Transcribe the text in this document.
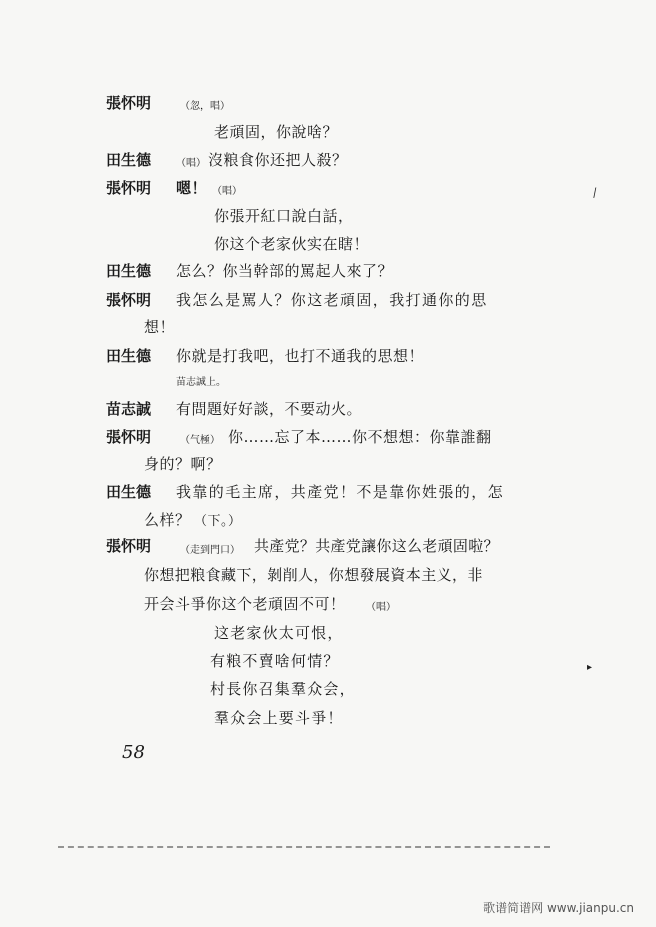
張怀明	（忽，唱）
老頑固，你說啥？
田生德 （唱） 沒粮食你还把人殺？
張怀明 嗯！ （唱）
你張开紅口說白話，
你这个老家伙实在瞎！
田生德 怎么？你当幹部的罵起人來了？
張怀明 我怎么是罵人？你这老頑固，我打通你的思
想！
田生德 你就是打我吧，也打不通我的思想！
苗志誠上。
苗志誠 有問題好好談，不要动火。
張怀明	（气極） 你……忘了本……你不想想：你靠誰翻
身的？啊？
田生德 我靠的毛主席，共產党！不是靠你姓張的，怎
么样？ （下。）
張怀明	（走到門口） 共產党？共產党讓你这么老頑固啦？
你想把粮食藏下，剝削人，你想發展資本主义，非
开会斗爭你这个老頑固不可！ （唱）
这老家伙太可恨，
有粮不賣啥何情？
村長你召集羣众会，
羣众会上要斗爭！
58
⁄
▸
歌谱简谱网 www.jianpu.cn
